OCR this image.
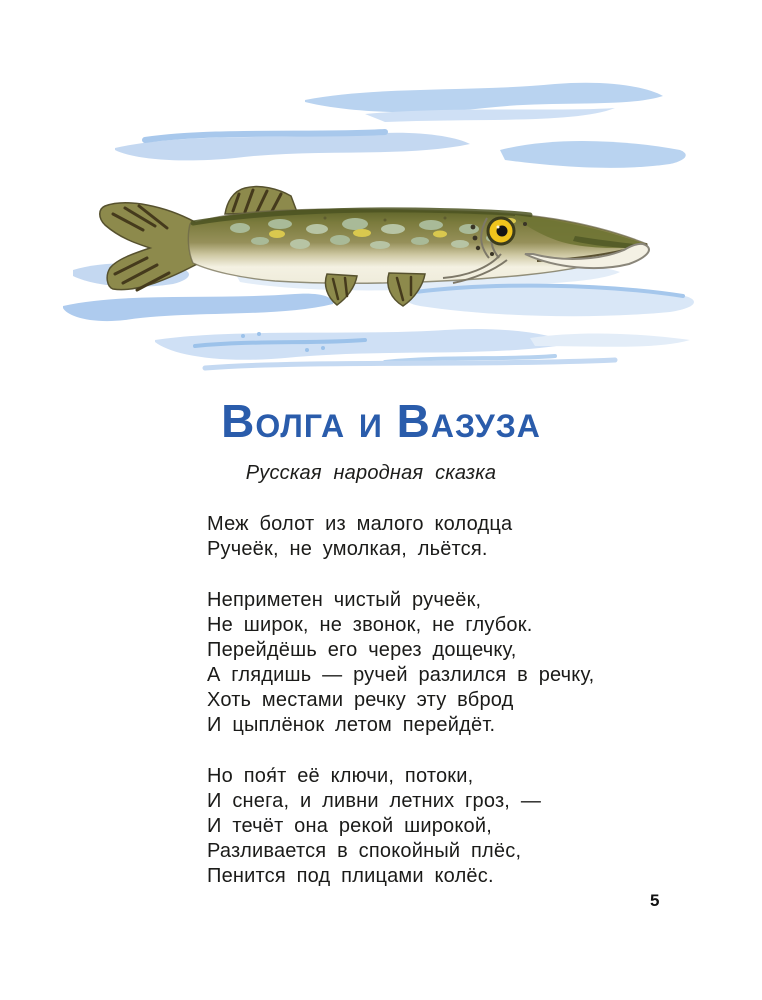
Волга и Вазуза
Русская народная сказка
Меж болот из малого колодца
Ручеёк, не умолкая, льётся.
Неприметен чистый ручеёк,
Не широк, не звонок, не глубок.
Перейдёшь его через дощечку,
А глядишь — ручей разлился в речку,
Хоть местами речку эту вброд
И цыплёнок летом перейдёт.
Но поя́т её ключи, потоки,
И снега, и ливни летних гроз, —
И течёт она рекой широкой,
Разливается в спокойный плёс,
Пенится под плицами колёс.
5
